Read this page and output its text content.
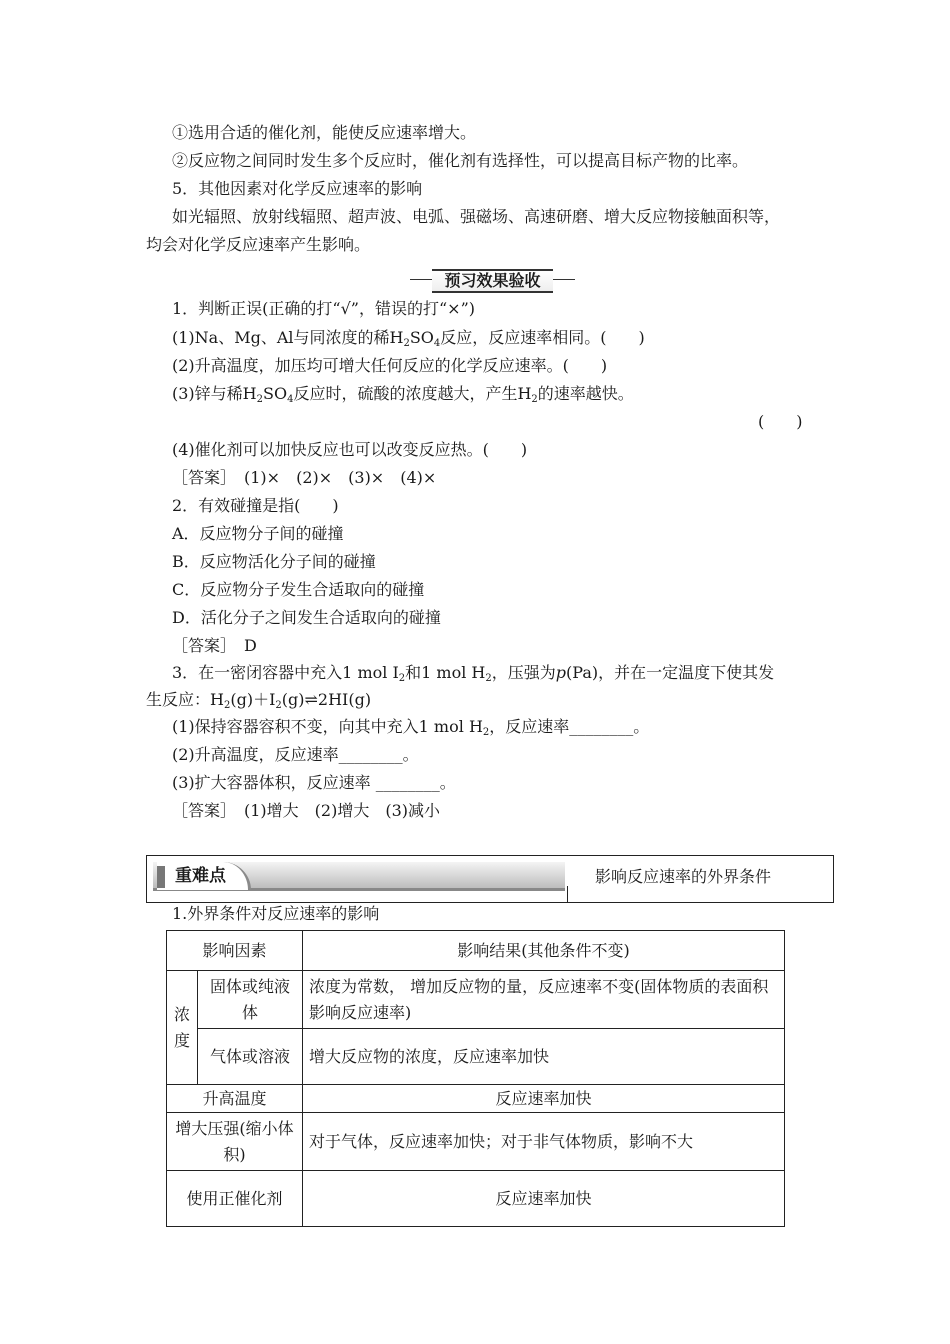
①选用合适的催化剂，能使反应速率增大。
②反应物之间同时发生多个反应时，催化剂有选择性，可以提高目标产物的比率。
5．其他因素对化学反应速率的影响
如光辐照、放射线辐照、超声波、电弧、强磁场、高速研磨、增大反应物接触面积等，
均会对化学反应速率产生影响。
预习效果验收
1．判断正误(正确的打“√”，错误的打“×”)
(1)Na、Mg、Al与同浓度的稀$H_2SO_4$反应，反应速率相同。(　　)
(2)升高温度，加压均可增大任何反应的化学反应速率。(　　)
(3)锌与稀$H_2SO_4$反应时，硫酸的浓度越大，产生$H_2$的速率越快。
(　　)
(4)催化剂可以加快反应也可以改变反应热。(　　)
［答案］　(1)×　(2)×　(3)×　(4)×
2．有效碰撞是指(　　)
A．反应物分子间的碰撞
B．反应物活化分子间的碰撞
C．反应物分子发生合适取向的碰撞
D．活化分子之间发生合适取向的碰撞
［答案］　D
3．在一密闭容器中充入1 mol $I_2$和1 mol $H_2$，压强为p(Pa)，并在一定温度下使其发
生反应：$H_2(g)+I_2(g)\rightleftharpoons 2HI(g)$
(1)保持容器容积不变，向其中充入1 mol $H_2$，反应速率________。
(2)升高温度，反应速率________。
(3)扩大容器体积，反应速率 ________。
［答案］　(1)增大　(2)增大　(3)减小
重难点	影响反应速率的外界条件
1.外界条件对反应速率的影响
影响因素		影响结果(其他条件不变)
浓度	固体或纯液体	浓度为常数， 增加反应物的量，反应速率不变(固体物质的表面积影响反应速率)
	气体或溶液	增大反应物的浓度，反应速率加快
升高温度		反应速率加快
增大压强(缩小体积)		对于气体，反应速率加快；对于非气体物质，影响不大
使用正催化剂		反应速率加快
